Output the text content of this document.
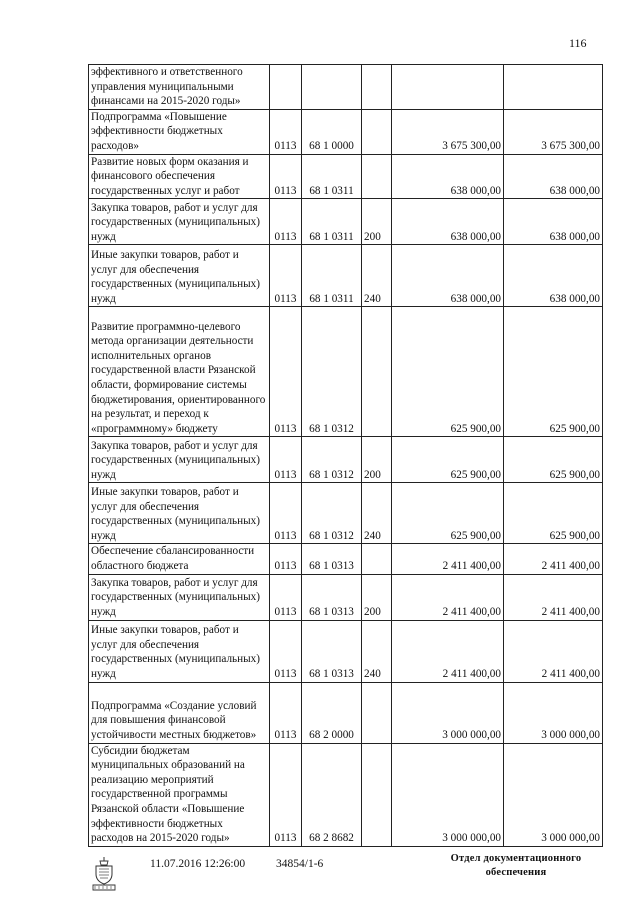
116
эффективного и ответственного управления муниципальными финансами на 2015-2020 годы»					
Подпрограмма «Повышение эффективности бюджетных расходов»	0113	68 1 0000		3 675 300,00	3 675 300,00
Развитие новых форм оказания и финансового обеспечения государственных услуг и работ	0113	68 1 0311		638 000,00	638 000,00
Закупка товаров, работ и услуг для государственных (муниципальных) нужд	0113	68 1 0311	200	638 000,00	638 000,00
Иные закупки товаров, работ и услуг для обеспечения государственных (муниципальных) нужд	0113	68 1 0311	240	638 000,00	638 000,00
Развитие программно-целевого метода организации деятельности исполнительных органов государственной власти Рязанской области, формирование системы бюджетирования, ориентированного на результат, и переход к «программному» бюджету	0113	68 1 0312		625 900,00	625 900,00
Закупка товаров, работ и услуг для государственных (муниципальных) нужд	0113	68 1 0312	200	625 900,00	625 900,00
Иные закупки товаров, работ и услуг для обеспечения государственных (муниципальных) нужд	0113	68 1 0312	240	625 900,00	625 900,00
Обеспечение сбалансированности областного бюджета	0113	68 1 0313		2 411 400,00	2 411 400,00
Закупка товаров, работ и услуг для государственных (муниципальных) нужд	0113	68 1 0313	200	2 411 400,00	2 411 400,00
Иные закупки товаров, работ и услуг для обеспечения государственных (муниципальных) нужд	0113	68 1 0313	240	2 411 400,00	2 411 400,00
Подпрограмма «Создание условий для повышения финансовой устойчивости местных бюджетов»	0113	68 2 0000		3 000 000,00	3 000 000,00
Субсидии бюджетам муниципальных образований на реализацию мероприятий государственной программы Рязанской области «Повышение эффективности бюджетных расходов на 2015-2020 годы»	0113	68 2 8682		3 000 000,00	3 000 000,00
11.07.2016 12:26:00	34854/1-6	Отдел документационного
обеспечения
